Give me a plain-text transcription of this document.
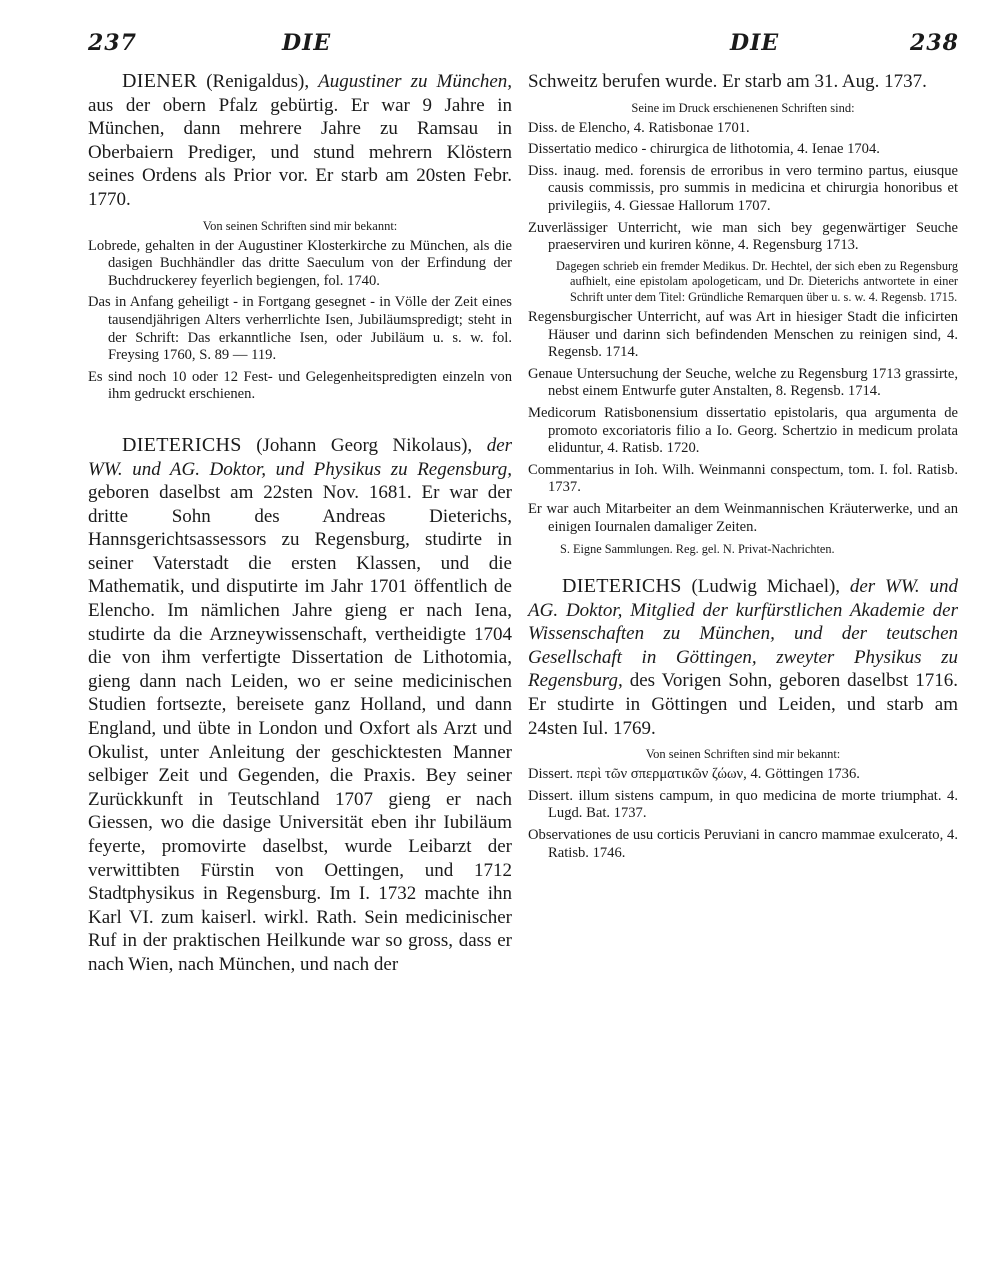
237	DIE	DIE	238

DIENER (Renigaldus), Augustiner zu München, aus der obern Pfalz gebürtig. Er war 9 Jahre in München, dann mehrere Jahre zu Ramsau in Oberbaiern Prediger, und stund mehrern Klöstern seines Ordens als Prior vor. Er starb am 20sten Febr. 1770.

Von seinen Schriften sind mir bekannt:
Lobrede, gehalten in der Augustiner Klosterkirche zu München, als die dasigen Buchhändler das dritte Saeculum von der Erfindung der Buchdruckerey feyerlich begiengen, fol. 1740.
Das in Anfang geheiligt - in Fortgang gesegnet - in Völle der Zeit eines tausendjährigen Alters verherrlichte Isen, Jubiläumspredigt; steht in der Schrift: Das erkanntliche Isen, oder Jubiläum u. s. w. fol. Freysing 1760, S. 89 — 119.
Es sind noch 10 oder 12 Fest- und Gelegenheitspredigten einzeln von ihm gedruckt erschienen.

DIETERICHS (Johann Georg Nikolaus), der WW. und AG. Doktor, und Physikus zu Regensburg, geboren daselbst am 22sten Nov. 1681. Er war der dritte Sohn des Andreas Dieterichs, Hannsgerichtsassessors zu Regensburg, studirte in seiner Vaterstadt die ersten Klassen, und die Mathematik, und disputirte im Jahr 1701 öffentlich de Elencho. Im nämlichen Jahre gieng er nach Iena, studirte da die Arzneywissenschaft, vertheidigte 1704 die von ihm verfertigte Dissertation de Lithotomia, gieng dann nach Leiden, wo er seine medicinischen Studien fortsezte, bereisete ganz Holland, und dann England, und übte in London und Oxfort als Arzt und Okulist, unter Anleitung der geschicktesten Manner selbiger Zeit und Gegenden, die Praxis. Bey seiner Zurückkunft in Teutschland 1707 gieng er nach Giessen, wo die dasige Universität eben ihr Iubiläum feyerte, promovirte daselbst, wurde Leibarzt der verwittibten Fürstin von Oettingen, und 1712 Stadtphysikus in Regensburg. Im I. 1732 machte ihn Karl VI. zum kaiserl. wirkl. Rath. Sein medicinischer Ruf in der praktischen Heilkunde war so gross, dass er nach Wien, nach München, und nach der

Schweitz berufen wurde. Er starb am 31. Aug. 1737.

Seine im Druck erschienenen Schriften sind:
Diss. de Elencho, 4. Ratisbonae 1701.
Dissertatio medico - chirurgica de lithotomia, 4. Ienae 1704.
Diss. inaug. med. forensis de erroribus in vero termino partus, eiusque causis commissis, pro summis in medicina et chirurgia honoribus et privilegiis, 4. Giessae Hallorum 1707.
Zuverlässiger Unterricht, wie man sich bey gegenwärtiger Seuche praeserviren und kuriren könne, 4. Regensburg 1713.

Dagegen schrieb ein fremder Medikus. Dr. Hechtel, der sich eben zu Regensburg aufhielt, eine epistolam apologeticam, und Dr. Dieterichs antwortete in einer Schrift unter dem Titel: Gründliche Remarquen über u. s. w. 4. Regensb. 1715.

Regensburgischer Unterricht, auf was Art in hiesiger Stadt die inficirten Häuser und darinn sich befindenden Menschen zu reinigen sind, 4. Regensb. 1714.
Genaue Untersuchung der Seuche, welche zu Regensburg 1713 grassirte, nebst einem Entwurfe guter Anstalten, 8. Regensb. 1714.
Medicorum Ratisbonensium dissertatio epistolaris, qua argumenta de promoto excoriatoris filio a Io. Georg. Schertzio in medicum prolata eliduntur, 4. Ratisb. 1720.
Commentarius in Ioh. Wilh. Weinmanni conspectum, tom. I. fol. Ratisb. 1737.
Er war auch Mitarbeiter an dem Weinmannischen Kräuterwerke, und an einigen Iournalen damaliger Zeiten.

S. Eigne Sammlungen. Reg. gel. N. Privat-Nachrichten.

DIETERICHS (Ludwig Michael), der WW. und AG. Doktor, Mitglied der kurfürstlichen Akademie der Wissenschaften zu München, und der teutschen Gesellschaft in Göttingen, zweyter Physikus zu Regensburg, des Vorigen Sohn, geboren daselbst 1716. Er studirte in Göttingen und Leiden, und starb am 24sten Iul. 1769.

Von seinen Schriften sind mir bekannt:
Dissert. περὶ τῶν σπερματικῶν ζώων, 4. Göttingen 1736.
Dissert. illum sistens campum, in quo medicina de morte triumphat. 4. Lugd. Bat. 1737.
Observationes de usu corticis Peruviani in cancro mammae exulcerato, 4. Ratisb. 1746.
